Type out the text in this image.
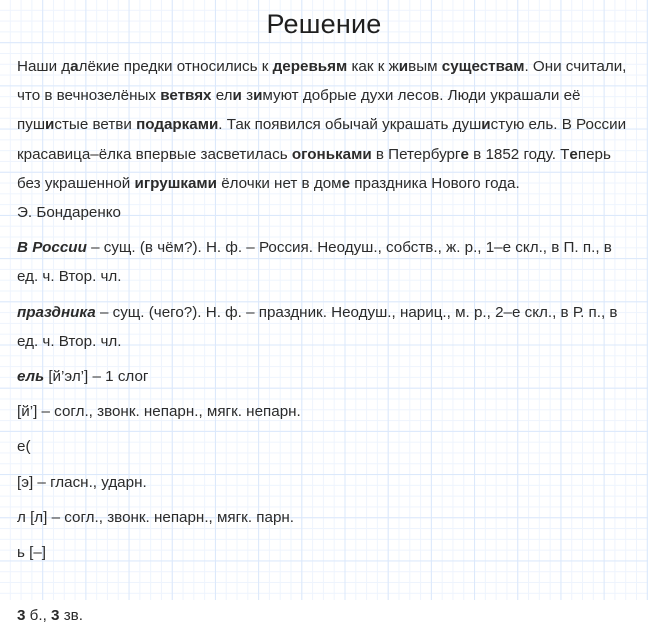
Решение

Наши далёкие предки относились к деревьям как к живым существам. Они считали, что в вечнозелёных ветвях ели зимуют добрые духи лесов. Люди украшали её пушистые ветви подарками. Так появился обычай украшать душистую ель. В России красавица–ёлка впервые засветилась огоньками в Петербурге в 1852 году. Теперь без украшенной игрушками ёлочки нет в доме праздника Нового года.

Э. Бондаренко

В России – сущ. (в чём?). Н. ф. – Россия. Неодуш., собств., ж. р., 1–е скл., в П. п., в ед. ч. Втор. чл.

праздника – сущ. (чего?). Н. ф. – праздник. Неодуш., нариц., м. р., 2–е скл., в Р. п., в ед. ч. Втор. чл.

ель [й’эл’] – 1 слог

[й’] – согл., звонк. непарн., мягк. непарн.

е(

[э] – гласн., ударн.

л [л] – согл., звонк. непарн., мягк. парн.

ь [–]

3 б., 3 зв.
